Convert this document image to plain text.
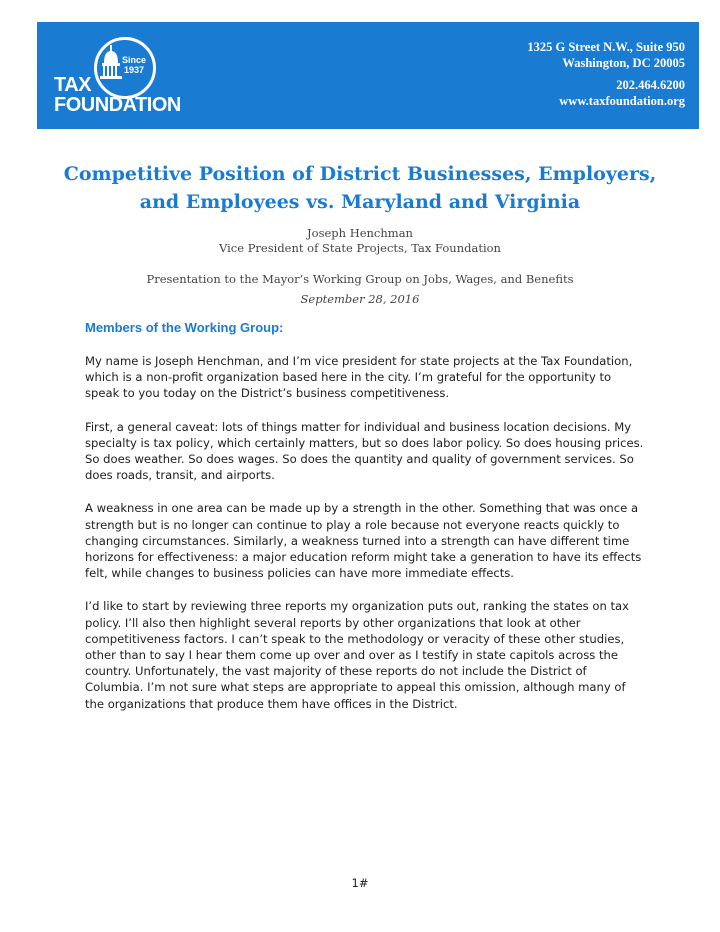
Since 1937
TAX
FOUNDATION
1325 G Street N.W., Suite 950
Washington, DC 20005
202.464.6200
www.taxfoundation.org
Competitive Position of District Businesses, Employers,
and Employees vs. Maryland and Virginia
Joseph Henchman
Vice President of State Projects, Tax Foundation
Presentation to the Mayor’s Working Group on Jobs, Wages, and Benefits
September 28, 2016
Members of the Working Group:

My name is Joseph Henchman, and I’m vice president for state projects at the Tax Foundation, which is a non-profit organization based here in the city. I’m grateful for the opportunity to speak to you today on the District’s business competitiveness.

First, a general caveat: lots of things matter for individual and business location decisions. My specialty is tax policy, which certainly matters, but so does labor policy. So does housing prices. So does weather. So does wages. So does the quantity and quality of government services. So does roads, transit, and airports.

A weakness in one area can be made up by a strength in the other. Something that was once a strength but is no longer can continue to play a role because not everyone reacts quickly to changing circumstances. Similarly, a weakness turned into a strength can have different time horizons for effectiveness: a major education reform might take a generation to have its effects felt, while changes to business policies can have more immediate effects.

I’d like to start by reviewing three reports my organization puts out, ranking the states on tax policy. I’ll also then highlight several reports by other organizations that look at other competitiveness factors. I can’t speak to the methodology or veracity of these other studies, other than to say I hear them come up over and over as I testify in state capitols across the country. Unfortunately, the vast majority of these reports do not include the District of Columbia. I’m not sure what steps are appropriate to appeal this omission, although many of the organizations that produce them have offices in the District.

1#
